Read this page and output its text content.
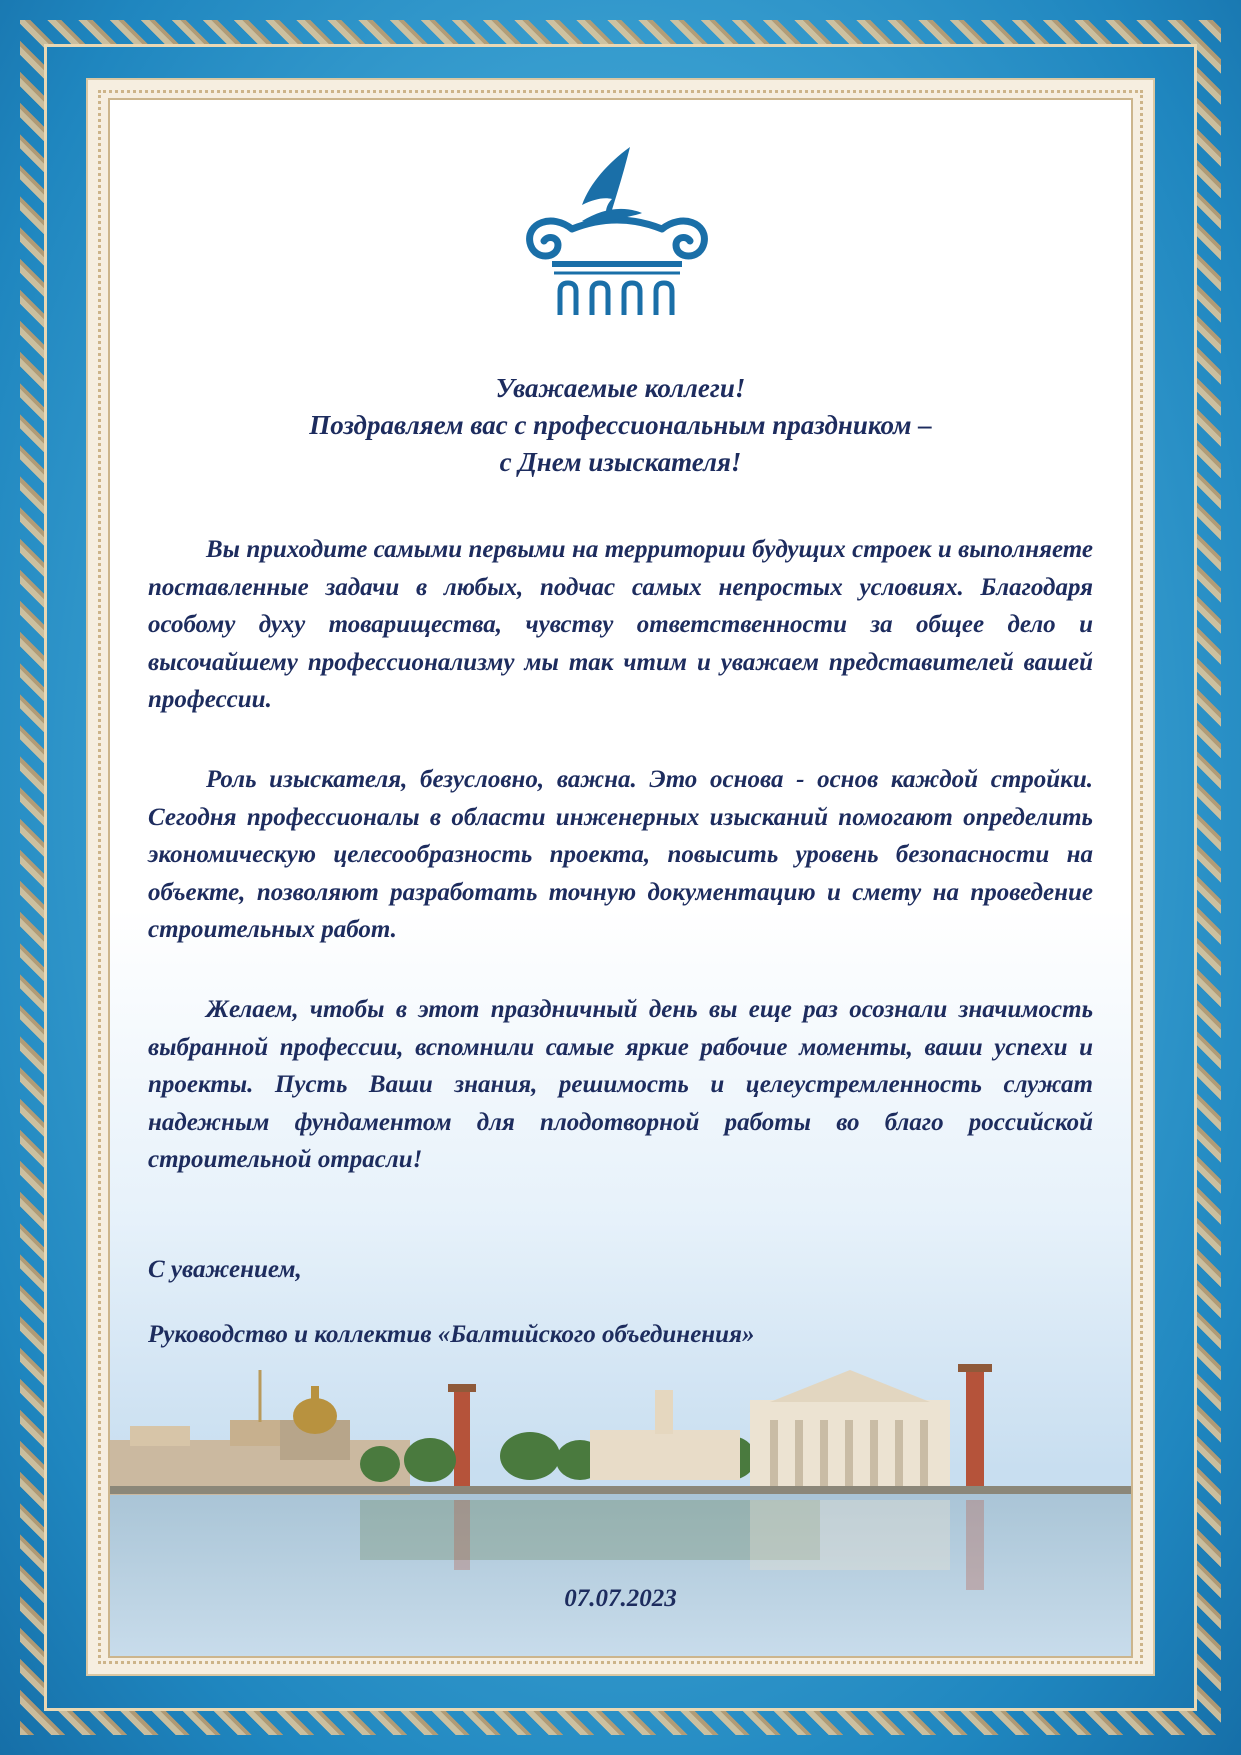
Уважаемые коллеги!
Поздравляем вас с профессиональным праздником –
с Днем изыскателя!

Вы приходите самыми первыми на территории будущих строек и выполняете поставленные задачи в любых, подчас самых непростых условиях. Благодаря особому духу товарищества, чувству ответственности за общее дело и высочайшему профессионализму мы так чтим и уважаем представителей вашей профессии.

Роль изыскателя, безусловно, важна. Это основа - основ каждой стройки. Сегодня профессионалы в области инженерных изысканий помогают определить экономическую целесообразность проекта, повысить уровень безопасности на объекте, позволяют разработать точную документацию и смету на проведение строительных работ.

Желаем, чтобы в этот праздничный день вы еще раз осознали значимость выбранной профессии, вспомнили самые яркие рабочие моменты, ваши успехи и проекты. Пусть Ваши знания, решимость и целеустремленность служат надежным фундаментом для плодотворной работы во благо российской строительной отрасли!

С уважением,

Руководство и коллектив «Балтийского объединения»

07.07.2023
